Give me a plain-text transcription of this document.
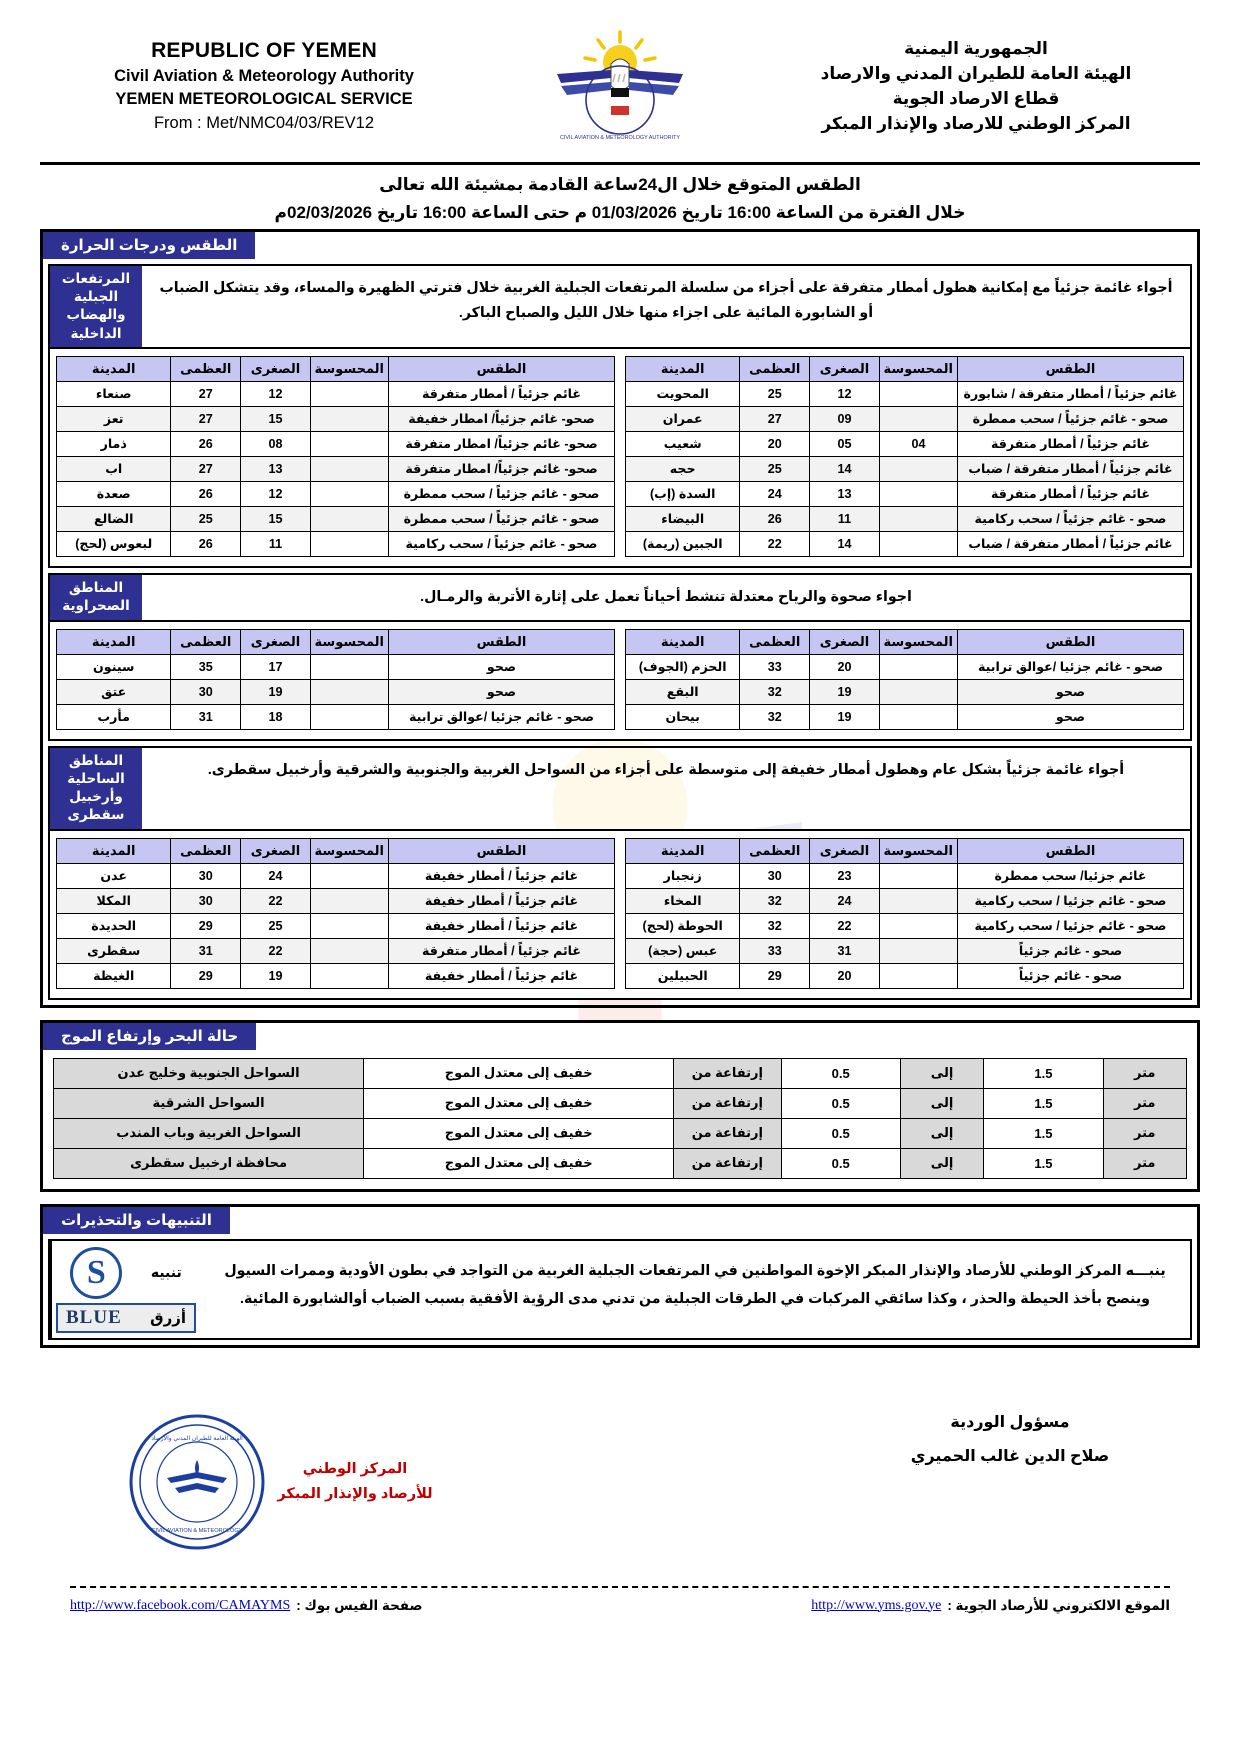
REPUBLIC OF YEMEN
Civil Aviation & Meteorology Authority
YEMEN METEOROLOGICAL SERVICE
From : Met/NMC04/03/REV12
CIVIL AVIATION & METEOROLOGY AUTHORITY
الجمهورية اليمنية
الهيئة العامة للطيران المدني والارصاد
قطاع الارصاد الجوية
المركز الوطني للارصاد والإنذار المبكر
الطقس المتوقع خلال ال24ساعة القادمة بمشيئة الله تعالى
خلال الفترة من الساعة 16:00 تاريخ 01/03/2026 م حتى الساعة 16:00 تاريخ 02/03/2026م
الطقس ودرجات الحرارة
أجواء غائمة جزئياً مع إمكانية هطول أمطار متفرقة على أجزاء من سلسلة المرتفعات الجبلية الغربية خلال فترتي الظهيرة والمساء، وقد يتشكل الضباب أو الشابورة المائية على اجزاء منها خلال الليل والصباح الباكر.
المرتفعات الجبلية والهضاب الداخلية
الطقس	المحسوسة	الصغرى	العظمى	المدينة
غائم جزئياً / أمطار متفرقة / شابورة		12	25	المحويت
صحو - غائم جزئياً / سحب ممطرة		09	27	عمران
غائم جزئياً / أمطار متفرقة	04	05	20	شعيب
غائم جزئياً / أمطار متفرقة / ضباب		14	25	حجه
غائم جزئياً / أمطار متفرقة		13	24	السدة (إب)
صحو - غائم جزئياً / سحب ركامية		11	26	البيضاء
غائم جزئياً / أمطار متفرقة / ضباب		14	22	الجبين (ريمة)
الطقس	المحسوسة	الصغرى	العظمى	المدينة
غائم جزئياً / أمطار متفرقة		12	27	صنعاء
صحو- غائم جزئياً/ امطار خفيفة		15	27	تعز
صحو- غائم جزئياً/ امطار متفرقة		08	26	ذمار
صحو- غائم جزئياً/ امطار متفرقة		13	27	اب
صحو - غائم جزئياً / سحب ممطرة		12	26	صعدة
صحو - غائم جزئياً / سحب ممطرة		15	25	الضالع
صحو - غائم جزئياً / سحب ركامية		11	26	لبعوس (لحج)
اجواء صحوة والرياح معتدلة تنشط أحياناً تعمل على إثارة الأتربة والرمـال.
المناطق الصحراوية
الطقس	المحسوسة	الصغرى	العظمى	المدينة
صحو - غائم جزئيا /عوالق ترابية		20	33	الحزم (الجوف)
صحو		19	32	البقع
صحو		19	32	بيحان
الطقس	المحسوسة	الصغرى	العظمى	المدينة
صحو		17	35	سينون
صحو		19	30	عتق
صحو - غائم جزئيا /عوالق ترابية		18	31	مأرب
أجواء غائمة جزئياً بشكل عام وهطول أمطار خفيفة إلى متوسطة على أجزاء من السواحل الغربية والجنوبية والشرقية وأرخبيل سقطرى.
المناطق الساحلية وأرخبيل سقطرى
الطقس	المحسوسة	الصغرى	العظمى	المدينة
غائم جزئيا/ سحب ممطرة		23	30	زنجبار
صحو - غائم جزئيا / سحب ركامية		24	32	المخاء
صحو - غائم جزئيا / سحب ركامية		22	32	الحوطة (لحج)
صحو - غائم جزئياً		31	33	عبس (حجة)
صحو - غائم جزئياً		20	29	الحبيلين
الطقس	المحسوسة	الصغرى	العظمى	المدينة
غائم جزئياً / أمطار خفيفة		24	30	عدن
غائم جزئياً / أمطار خفيفة		22	30	المكلا
غائم جزئياً / أمطار خفيفة		25	29	الحديدة
غائم جزئياً / أمطار متفرقة		22	31	سقطرى
غائم جزئياً / أمطار خفيفة		19	29	الغيظة
حالة البحر وإرتفاع الموج
متر	1.5	إلى	0.5	إرتفاعة من	خفيف إلى معتدل الموج	السواحل الجنوبية وخليج عدن
متر	1.5	إلى	0.5	إرتفاعة من	خفيف إلى معتدل الموج	السواحل الشرقية
متر	1.5	إلى	0.5	إرتفاعة من	خفيف إلى معتدل الموج	السواحل الغربية وباب المندب
متر	1.5	إلى	0.5	إرتفاعة من	خفيف إلى معتدل الموج	محافظة ارخبيل سقطرى
التنبيهات والتحذيرات
ينبـــه المركز الوطني للأرصاد والإنذار المبكر الإخوة المواطنين في المرتفعات الجبلية الغربية من التواجد في بطون الأودية وممرات السيول
وينصح بأخذ الحيطة والحذر ، وكذا سائقي المركبات في الطرقات الجبلية من تدني مدى الرؤية الأفقية بسبب الضباب أوالشابورة المائية.
تنبيه
S
أزرق
BLUE
مسؤول الوردية
صلاح الدين غالب الحميري
المركز الوطني
للأرصاد والإنذار المبكر
الهيئة العامة للطيران المدني والأرصاد
CIVIL AVIATION & METEOROLOGY
الموقع الالكتروني للأرصاد الجوية :
http://www.yms.gov.ye
صفحة الفيس بوك :
http://www.facebook.com/CAMAYMS
